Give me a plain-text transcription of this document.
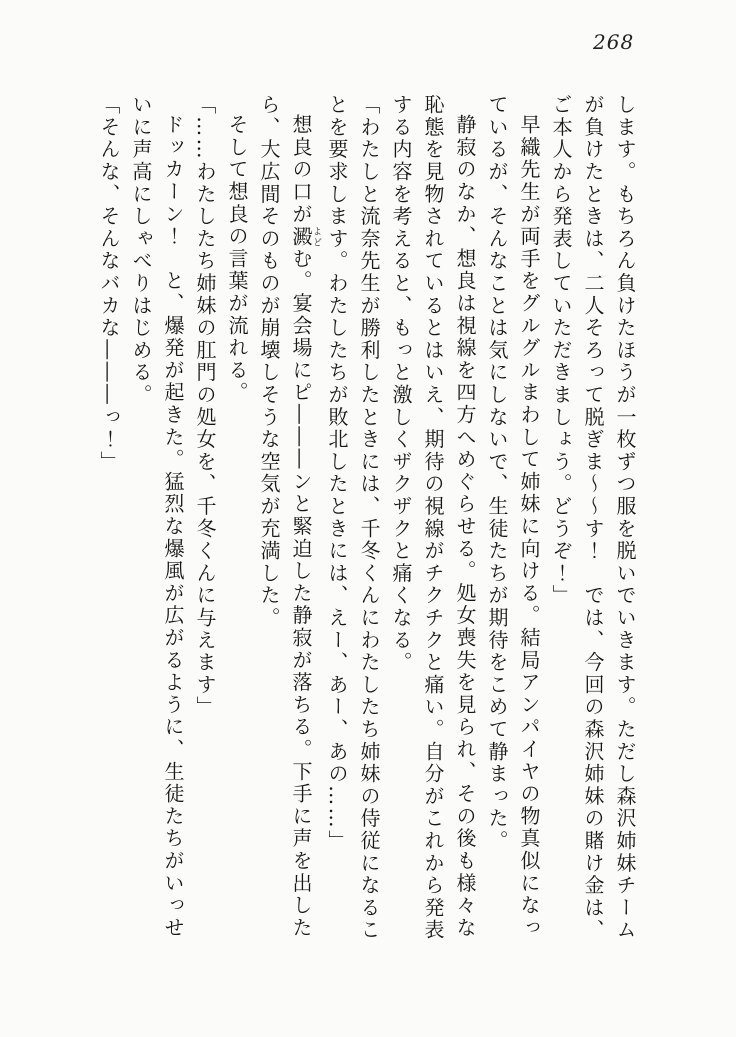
268

します。もちろん負けたほうが一枚ずつ服を脱いでいきます。ただし森沢姉妹チーム

が負けたときは、二人そろって脱ぎま〜〜す！　では、今回の森沢姉妹の賭け金は、

ご本人から発表していただきましょう。どうぞ！」

早織先生が両手をグルグルまわして姉妹に向ける。結局アンパイヤの物真似になっ

ているが、そんなことは気にしないで、生徒たちが期待をこめて静まった。

静寂のなか、想良は視線を四方へめぐらせる。処女喪失を見られ、その後も様々な

恥態を見物されているとはいえ、期待の視線がチクチクと痛い。自分がこれから発表

する内容を考えると、もっと激しくザクザクと痛くなる。

「わたしと流奈先生が勝利したときには、千冬くんにわたしたち姉妹の侍従になるこ

とを要求します。わたしたちが敗北したときには、えー、あー、あの……」

想良の口が澱よどむ。宴会場にピ―――ンと緊迫した静寂が落ちる。下手に声を出した

ら、大広間そのものが崩壊しそうな空気が充満した。

そして想良の言葉が流れる。

「……わたしたち姉妹の肛門の処女を、千冬くんに与えます」

ドッカーン！　と、爆発が起きた。猛烈な爆風が広がるように、生徒たちがいっせ

いに声高にしゃべりはじめる。

「そんな、そんなバカな―――っ！」
